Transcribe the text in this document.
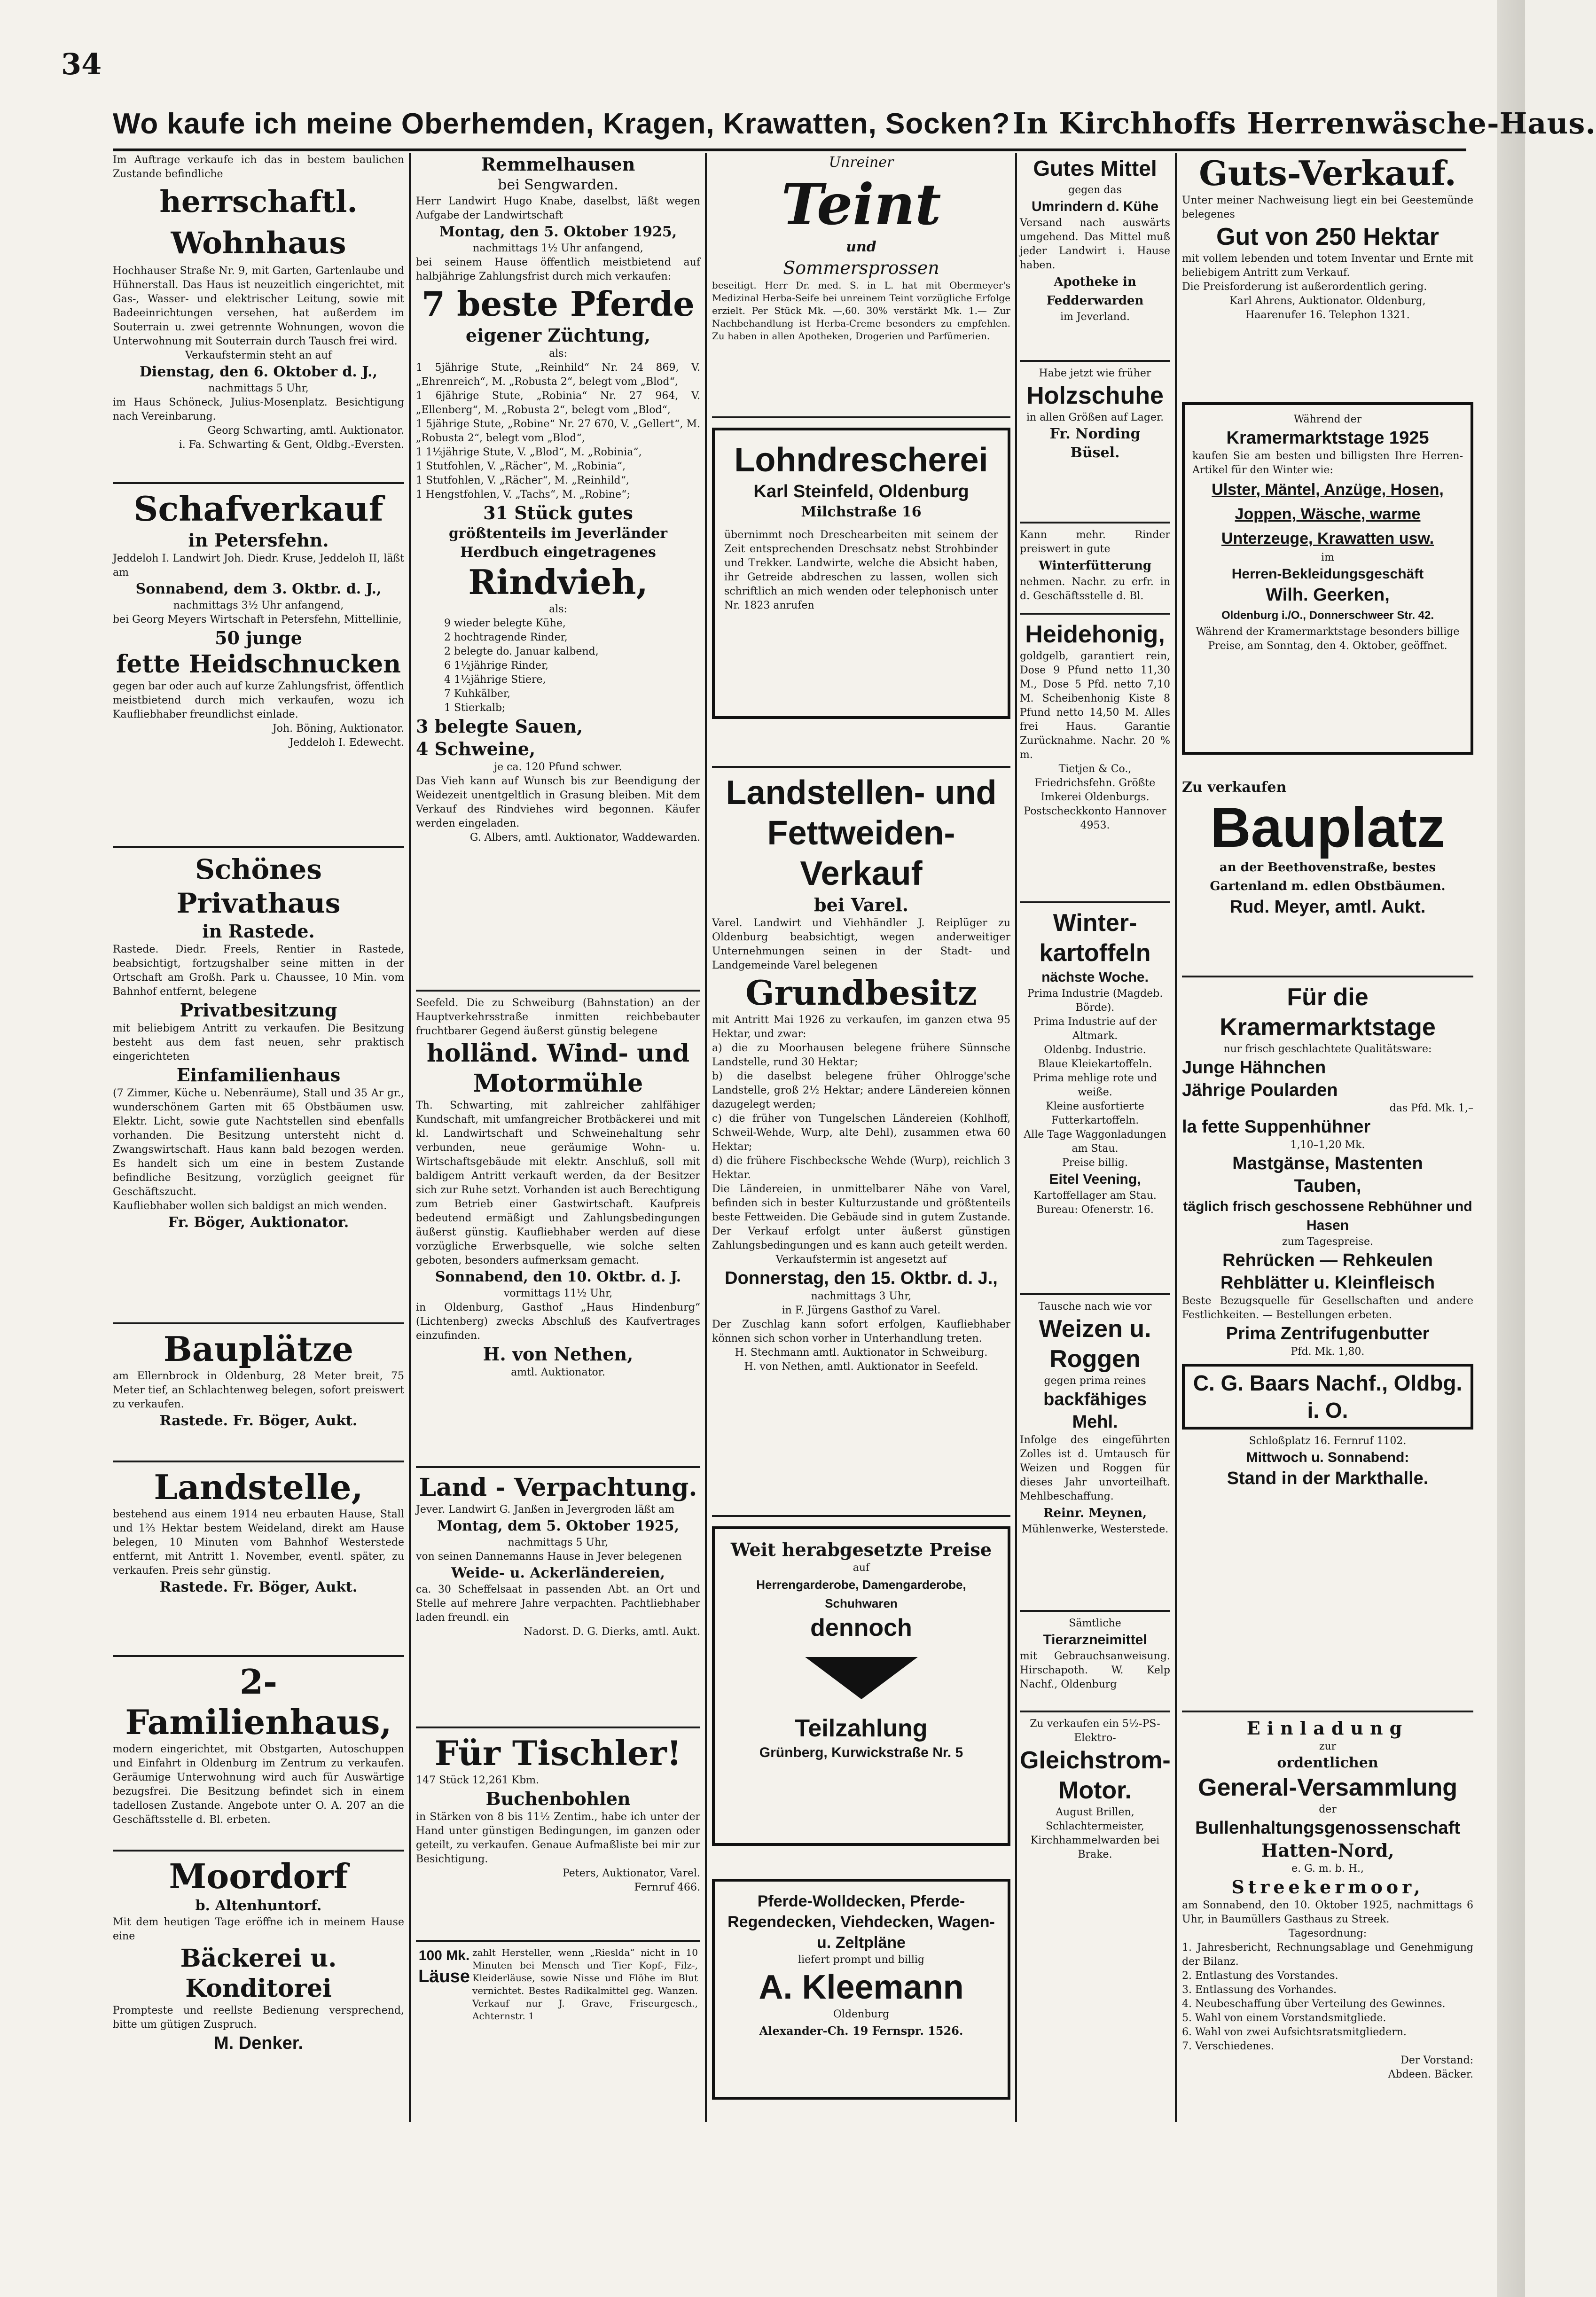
34
Wo kaufe ich meine Oberhemden, Kragen, Krawatten, Socken? In Kirchhoffs Herrenwäsche-Haus.

Im Auftrage verkaufe ich das in bestem baulichen Zustande befindliche

herrschaftl. Wohnhaus

Hochhauser Straße Nr. 9, mit Garten, Gartenlaube und Hühnerstall. Das Haus ist neuzeitlich eingerichtet, mit Gas-, Wasser- und elektrischer Leitung, sowie mit Badeeinrichtungen versehen, hat außerdem im Souterrain u. zwei getrennte Wohnungen, wovon die Unterwohnung mit Souterrain durch Tausch frei wird.

Verkaufstermin steht an auf

Dienstag, den 6. Oktober d. J.,

nachmittags 5 Uhr,

im Haus Schöneck, Julius-Mosenplatz. Besichtigung nach Vereinbarung.

Georg Schwarting, amtl. Auktionator.

i. Fa. Schwarting & Gent, Oldbg.-Eversten.

Schafverkauf

in Petersfehn.

Jeddeloh I. Landwirt Joh. Diedr. Kruse, Jeddeloh II, läßt am

Sonnabend, dem 3. Oktbr. d. J.,

nachmittags 3½ Uhr anfangend,

bei Georg Meyers Wirtschaft in Petersfehn, Mittellinie,

50 junge

fette Heidschnucken

gegen bar oder auch auf kurze Zahlungsfrist, öffentlich meistbietend durch mich verkaufen, wozu ich Kaufliebhaber freundlichst einlade.

Joh. Böning, Auktionator.

Jeddeloh I. Edewecht.

Schönes Privathaus

in Rastede.

Rastede. Diedr. Freels, Rentier in Rastede, beabsichtigt, fortzugshalber seine mitten in der Ortschaft am Großh. Park u. Chaussee, 10 Min. vom Bahnhof entfernt, belegene

Privatbesitzung

mit beliebigem Antritt zu verkaufen. Die Besitzung besteht aus dem fast neuen, sehr praktisch eingerichteten

Einfamilienhaus

(7 Zimmer, Küche u. Nebenräume), Stall und 35 Ar gr., wunderschönem Garten mit 65 Obstbäumen usw. Elektr. Licht, sowie gute Nachtstellen sind ebenfalls vorhanden. Die Besitzung untersteht nicht d. Zwangswirtschaft. Haus kann bald bezogen werden. Es handelt sich um eine in bestem Zustande befindliche Besitzung, vorzüglich geeignet für Geschäftszucht.

Kaufliebhaber wollen sich baldigst an mich wenden.

Fr. Böger, Auktionator.

Bauplätze

am Ellernbrock in Oldenburg, 28 Meter breit, 75 Meter tief, an Schlachtenweg belegen, sofort preiswert zu verkaufen.

Rastede. Fr. Böger, Aukt.

Landstelle,

bestehend aus einem 1914 neu erbauten Hause, Stall und 1⅔ Hektar bestem Weideland, direkt am Hause belegen, 10 Minuten vom Bahnhof Westerstede entfernt, mit Antritt 1. November, eventl. später, zu verkaufen. Preis sehr günstig.

Rastede. Fr. Böger, Aukt.

2-Familienhaus,

modern eingerichtet, mit Obstgarten, Autoschuppen und Einfahrt in Oldenburg im Zentrum zu verkaufen. Geräumige Unterwohnung wird auch für Auswärtige bezugsfrei. Die Besitzung befindet sich in einem tadellosen Zustande. Angebote unter O. A. 207 an die Geschäftsstelle d. Bl. erbeten.

Moordorf

b. Altenhuntorf.

Mit dem heutigen Tage eröffne ich in meinem Hause eine

Bäckerei u. Konditorei

Prompteste und reellste Bedienung versprechend, bitte um gütigen Zuspruch.

M. Denker.

Remmelhausen

bei Sengwarden.

Herr Landwirt Hugo Knabe, daselbst, läßt wegen Aufgabe der Landwirtschaft

Montag, den 5. Oktober 1925,

nachmittags 1½ Uhr anfangend,

bei seinem Hause öffentlich meistbietend auf halbjährige Zahlungsfrist durch mich verkaufen:

7 beste Pferde

eigener Züchtung,

als:

1 5jährige Stute, „Reinhild“ Nr. 24 869, V. „Ehrenreich“, M. „Robusta 2“, belegt vom „Blod“,

1 6jährige Stute, „Robinia“ Nr. 27 964, V. „Ellenberg“, M. „Robusta 2“, belegt vom „Blod“,

1 5jährige Stute, „Robine“ Nr. 27 670, V. „Gellert“, M. „Robusta 2“, belegt vom „Blod“,

1 1½jährige Stute, V. „Blod“, M. „Robinia“,

1 Stutfohlen, V. „Rächer“, M. „Robinia“,

1 Stutfohlen, V. „Rächer“, M. „Reinhild“,

1 Hengstfohlen, V. „Tachs“, M. „Robine“;

31 Stück gutes

größtenteils im Jeverländer Herdbuch eingetragenes

Rindvieh,

als:

9 wieder belegte Kühe,

2 hochtragende Rinder,

2 belegte do. Januar kalbend,

6 1½jährige Rinder,

4 1½jährige Stiere,

7 Kuhkälber,

1 Stierkalb;

3 belegte Sauen,

4 Schweine,

je ca. 120 Pfund schwer.

Das Vieh kann auf Wunsch bis zur Beendigung der Weidezeit unentgeltlich in Grasung bleiben. Mit dem Verkauf des Rindviehes wird begonnen. Käufer werden eingeladen.

G. Albers, amtl. Auktionator, Waddewarden.

Seefeld. Die zu Schweiburg (Bahnstation) an der Hauptverkehrsstraße inmitten reichbebauter fruchtbarer Gegend äußerst günstig belegene

holländ. Wind- und Motormühle

Th. Schwarting, mit zahlreicher zahlfähiger Kundschaft, mit umfangreicher Brotbäckerei und mit kl. Landwirtschaft und Schweinehaltung sehr verbunden, neue geräumige Wohn- u. Wirtschaftsgebäude mit elektr. Anschluß, soll mit baldigem Antritt verkauft werden, da der Besitzer sich zur Ruhe setzt. Vorhanden ist auch Berechtigung zum Betrieb einer Gastwirtschaft. Kaufpreis bedeutend ermäßigt und Zahlungsbedingungen äußerst günstig. Kaufliebhaber werden auf diese vorzügliche Erwerbsquelle, wie solche selten geboten, besonders aufmerksam gemacht.

Sonnabend, den 10. Oktbr. d. J.

vormittags 11½ Uhr,

in Oldenburg, Gasthof „Haus Hindenburg“ (Lichtenberg) zwecks Abschluß des Kaufvertrages einzufinden.

H. von Nethen,

amtl. Auktionator.

Land - Verpachtung.

Jever. Landwirt G. Janßen in Jevergroden läßt am

Montag, dem 5. Oktober 1925,

nachmittags 5 Uhr,

von seinen Dannemanns Hause in Jever belegenen

Weide- u. Ackerländereien,

ca. 30 Scheffelsaat in passenden Abt. an Ort und Stelle auf mehrere Jahre verpachten. Pachtliebhaber laden freundl. ein

Nadorst. D. G. Dierks, amtl. Aukt.

Für Tischler!

147 Stück 12,261 Kbm.

Buchenbohlen

in Stärken von 8 bis 11½ Zentim., habe ich unter der Hand unter günstigen Bedingungen, im ganzen oder geteilt, zu verkaufen. Genaue Aufmaßliste bei mir zur Besichtigung.

Peters, Auktionator, Varel.

Fernruf 466.

100 Mk.

Läuse

zahlt Hersteller, wenn „Rieslda“ nicht in 10 Minuten bei Mensch und Tier Kopf-, Filz-, Kleiderläuse, sowie Nisse und Flöhe im Blut vernichtet. Bestes Radikalmittel geg. Wanzen. Verkauf nur J. Grave, Friseurgesch., Achternstr. 1

Unreiner

Teint

und

Sommersprossen

beseitigt. Herr Dr. med. S. in L. hat mit Obermeyer's Medizinal Herba-Seife bei unreinem Teint vorzügliche Erfolge erzielt. Per Stück Mk. —,60. 30% verstärkt Mk. 1.— Zur Nachbehandlung ist Herba-Creme besonders zu empfehlen. Zu haben in allen Apotheken, Drogerien und Parfümerien.

Lohndrescherei

Karl Steinfeld, Oldenburg

Milchstraße 16

übernimmt noch Dreschearbeiten mit seinem der Zeit entsprechenden Dreschsatz nebst Strohbinder und Trekker. Landwirte, welche die Absicht haben, ihr Getreide abdreschen zu lassen, wollen sich schriftlich an mich wenden oder telephonisch unter Nr. 1823 anrufen

Landstellen- und Fettweiden-Verkauf

bei Varel.

Varel. Landwirt und Viehhändler J. Reiplüger zu Oldenburg beabsichtigt, wegen anderweitiger Unternehmungen seinen in der Stadt- und Landgemeinde Varel belegenen

Grundbesitz

mit Antritt Mai 1926 zu verkaufen, im ganzen etwa 95 Hektar, und zwar:

a) die zu Moorhausen belegene frühere Sünnsche Landstelle, rund 30 Hektar;

b) die daselbst belegene früher Ohlrogge'sche Landstelle, groß 2½ Hektar; andere Ländereien können dazugelegt werden;

c) die früher von Tungelschen Ländereien (Kohlhoff, Schweil-Wehde, Wurp, alte Dehl), zusammen etwa 60 Hektar;

d) die frühere Fischbecksche Wehde (Wurp), reichlich 3 Hektar.

Die Ländereien, in unmittelbarer Nähe von Varel, befinden sich in bester Kulturzustande und größtenteils beste Fettweiden. Die Gebäude sind in gutem Zustande. Der Verkauf erfolgt unter äußerst günstigen Zahlungsbedingungen und es kann auch geteilt werden.

Verkaufstermin ist angesetzt auf

Donnerstag, den 15. Oktbr. d. J.,

nachmittags 3 Uhr,

in F. Jürgens Gasthof zu Varel.

Der Zuschlag kann sofort erfolgen, Kaufliebhaber können sich schon vorher in Unterhandlung treten.

H. Stechmann amtl. Auktionator in Schweiburg.

H. von Nethen, amtl. Auktionator in Seefeld.

Weit herabgesetzte Preise

auf

Herrengarderobe, Damengarderobe, Schuhwaren

dennoch

Teilzahlung

Grünberg, Kurwickstraße Nr. 5

Pferde-Wolldecken, Pferde-Regendecken, Viehdecken, Wagen- u. Zeltpläne

liefert prompt und billig

A. Kleemann

Oldenburg

Alexander-Ch. 19 Fernspr. 1526.

Gutes Mittel

gegen das

Umrindern d. Kühe

Versand nach auswärts umgehend. Das Mittel muß jeder Landwirt i. Hause haben.

Apotheke in

Fedderwarden

im Jeverland.

Habe jetzt wie früher

Holzschuhe

in allen Größen auf Lager.

Fr. Nording

Büsel.

Kann mehr. Rinder preiswert in gute

Winterfütterung

nehmen. Nachr. zu erfr. in d. Geschäftsstelle d. Bl.

Heidehonig,

goldgelb, garantiert rein, Dose 9 Pfund netto 11,30 M., Dose 5 Pfd. netto 7,10 M. Scheibenhonig Kiste 8 Pfund netto 14,50 M. Alles frei Haus. Garantie Zurücknahme. Nachr. 20 % m.

Tietjen & Co., Friedrichsfehn. Größte Imkerei Oldenburgs. Postscheckkonto Hannover 4953.

Winter-kartoffeln

nächste Woche.

Prima Industrie (Magdeb. Börde).

Prima Industrie auf der Altmark.

Oldenbg. Industrie.

Blaue Kleiekartoffeln.

Prima mehlige rote und weiße.

Kleine ausfortierte Futterkartoffeln.

Alle Tage Waggonladungen am Stau.

Preise billig.

Eitel Veening,

Kartoffellager am Stau.

Bureau: Ofenerstr. 16.

Tausche nach wie vor

Weizen u. Roggen

gegen prima reines

backfähiges Mehl.

Infolge des eingeführten Zolles ist d. Umtausch für Weizen und Roggen für dieses Jahr unvorteilhaft. Mehlbeschaffung.

Reinr. Meynen,

Mühlenwerke, Westerstede.

Sämtliche

Tierarzneimittel

mit Gebrauchsanweisung. Hirschapoth. W. Kelp Nachf., Oldenburg

Zu verkaufen ein 5½-PS-Elektro-

Gleichstrom-Motor.

August Brillen, Schlachtermeister, Kirchhammelwarden bei Brake.

Guts-Verkauf.

Unter meiner Nachweisung liegt ein bei Geestemünde belegenes

Gut von 250 Hektar

mit vollem lebenden und totem Inventar und Ernte mit beliebigem Antritt zum Verkauf.

Die Preisforderung ist außerordentlich gering.

Karl Ahrens, Auktionator. Oldenburg,

Haarenufer 16. Telephon 1321.

Während der

Kramermarktstage 1925

kaufen Sie am besten und billigsten Ihre Herren-Artikel für den Winter wie:

Ulster, Mäntel, Anzüge, Hosen, Joppen, Wäsche, warme Unterzeuge, Krawatten usw.

im

Herren-Bekleidungsgeschäft

Wilh. Geerken,

Oldenburg i./O., Donnerschweer Str. 42.

Während der Kramermarktstage besonders billige Preise, am Sonntag, den 4. Oktober, geöffnet.

Zu verkaufen

Bauplatz

an der Beethovenstraße, bestes Gartenland m. edlen Obstbäumen.

Rud. Meyer, amtl. Aukt.

Für die Kramermarktstage

nur frisch geschlachtete Qualitätsware:

Junge Hähnchen

Jährige Poularden

das Pfd. Mk. 1,–

la fette Suppenhühner

1,10–1,20 Mk.

Mastgänse, Mastenten

Tauben,

täglich frisch geschossene Rebhühner und Hasen

zum Tagespreise.

Rehrücken — Rehkeulen

Rehblätter u. Kleinfleisch

Beste Bezugsquelle für Gesellschaften und andere Festlichkeiten. — Bestellungen erbeten.

Prima Zentrifugenbutter

Pfd. Mk. 1,80.

C. G. Baars Nachf., Oldbg. i. O.

Schloßplatz 16. Fernruf 1102.

Mittwoch u. Sonnabend:

Stand in der Markthalle.

Einladung

zur

ordentlichen

General-Versammlung

der

Bullenhaltungsgenossenschaft

Hatten-Nord,

e. G. m. b. H.,

Streekermoor,

am Sonnabend, den 10. Oktober 1925, nachmittags 6 Uhr, in Baumüllers Gasthaus zu Streek.

Tagesordnung:

1. Jahresbericht, Rechnungsablage und Genehmigung der Bilanz.

2. Entlastung des Vorstandes.

3. Entlassung des Vorhandes.

4. Neubeschaffung über Verteilung des Gewinnes.

5. Wahl von einem Vorstandsmitgliede.

6. Wahl von zwei Aufsichtsratsmitgliedern.

7. Verschiedenes.

Der Vorstand:

Abdeen. Bäcker.
